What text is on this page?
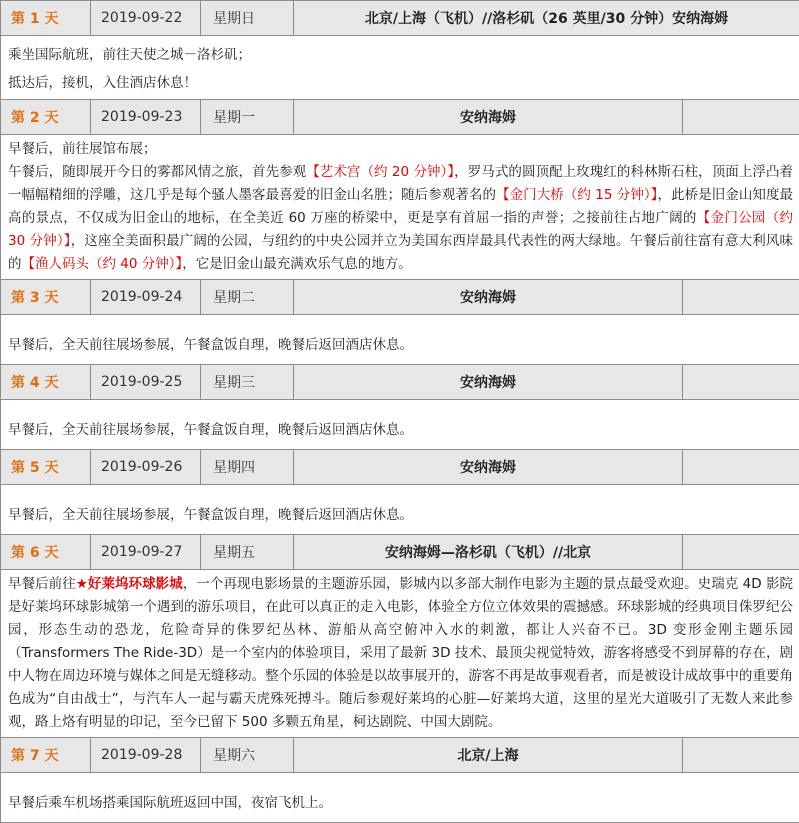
第 1 天	2019-09-22	星期日	北京/上海（飞机）//洛杉矶（26 英里/30 分钟）安纳海姆	

乘坐国际航班，前往天使之城－洛杉矶；

抵达后，接机，入住酒店休息！				

第 2 天	2019-09-23	星期一	安纳海姆	

早餐后，前往展馆布展；

午餐后，随即展开今日的雾都风情之旅，首先参观【艺术宫（约 20 分钟）】，罗马式的圆顶配上玫瑰红的科林斯石柱，顶面上浮凸着一幅幅精细的浮雕，这几乎是每个骚人墨客最喜爱的旧金山名胜；随后参观著名的【金门大桥（约 15 分钟）】，此桥是旧金山知度最高的景点，不仅成为旧金山的地标，在全美近 60 万座的桥梁中，更是享有首屈一指的声誉；之接前往占地广阔的【金门公园（约 30 分钟）】，这座全美面积最广阔的公园，与纽约的中央公园并立为美国东西岸最具代表性的两大绿地。午餐后前往富有意大利风味的【渔人码头（约 40 分钟）】，它是旧金山最充满欢乐气息的地方。				

第 3 天	2019-09-24	星期二	安纳海姆	

早餐后，全天前往展场参展，午餐盒饭自理，晚餐后返回酒店休息。				

第 4 天	2019-09-25	星期三	安纳海姆	

早餐后，全天前往展场参展，午餐盒饭自理，晚餐后返回酒店休息。				

第 5 天	2019-09-26	星期四	安纳海姆	

早餐后，全天前往展场参展，午餐盒饭自理，晚餐后返回酒店休息。				

第 6 天	2019-09-27	星期五	安纳海姆—洛杉矶（飞机）//北京	

早餐后前往★好莱坞环球影城，一个再现电影场景的主题游乐园，影城内以多部大制作电影为主题的景点最受欢迎。史瑞克 4D 影院是好莱坞环球影城第一个遇到的游乐项目，在此可以真正的走入电影，体验全方位立体效果的震撼感。环球影城的经典项目侏罗纪公园，形态生动的恐龙，危险奇异的侏罗纪丛林、游船从高空俯冲入水的刺激，都让人兴奋不已。3D 变形金刚主题乐园（Transformers The Ride-3D）是一个室内的体验项目，采用了最新 3D 技术、最顶尖视觉特效，游客将感受不到屏幕的存在，剧中人物在周边环境与媒体之间是无缝移动。整个乐园的体验是以故事展开的，游客不再是故事观看者，而是被设计成故事中的重要角色成为“自由战士”，与汽车人一起与霸天虎殊死搏斗。随后参观好莱坞的心脏—好莱坞大道，这里的星光大道吸引了无数人来此参观，路上烙有明显的印记，至今已留下 500 多颗五角星，柯达剧院、中国大剧院。				

第 7 天	2019-09-28	星期六	北京/上海	

早餐后乘车机场搭乘国际航班返回中国，夜宿飞机上。				
